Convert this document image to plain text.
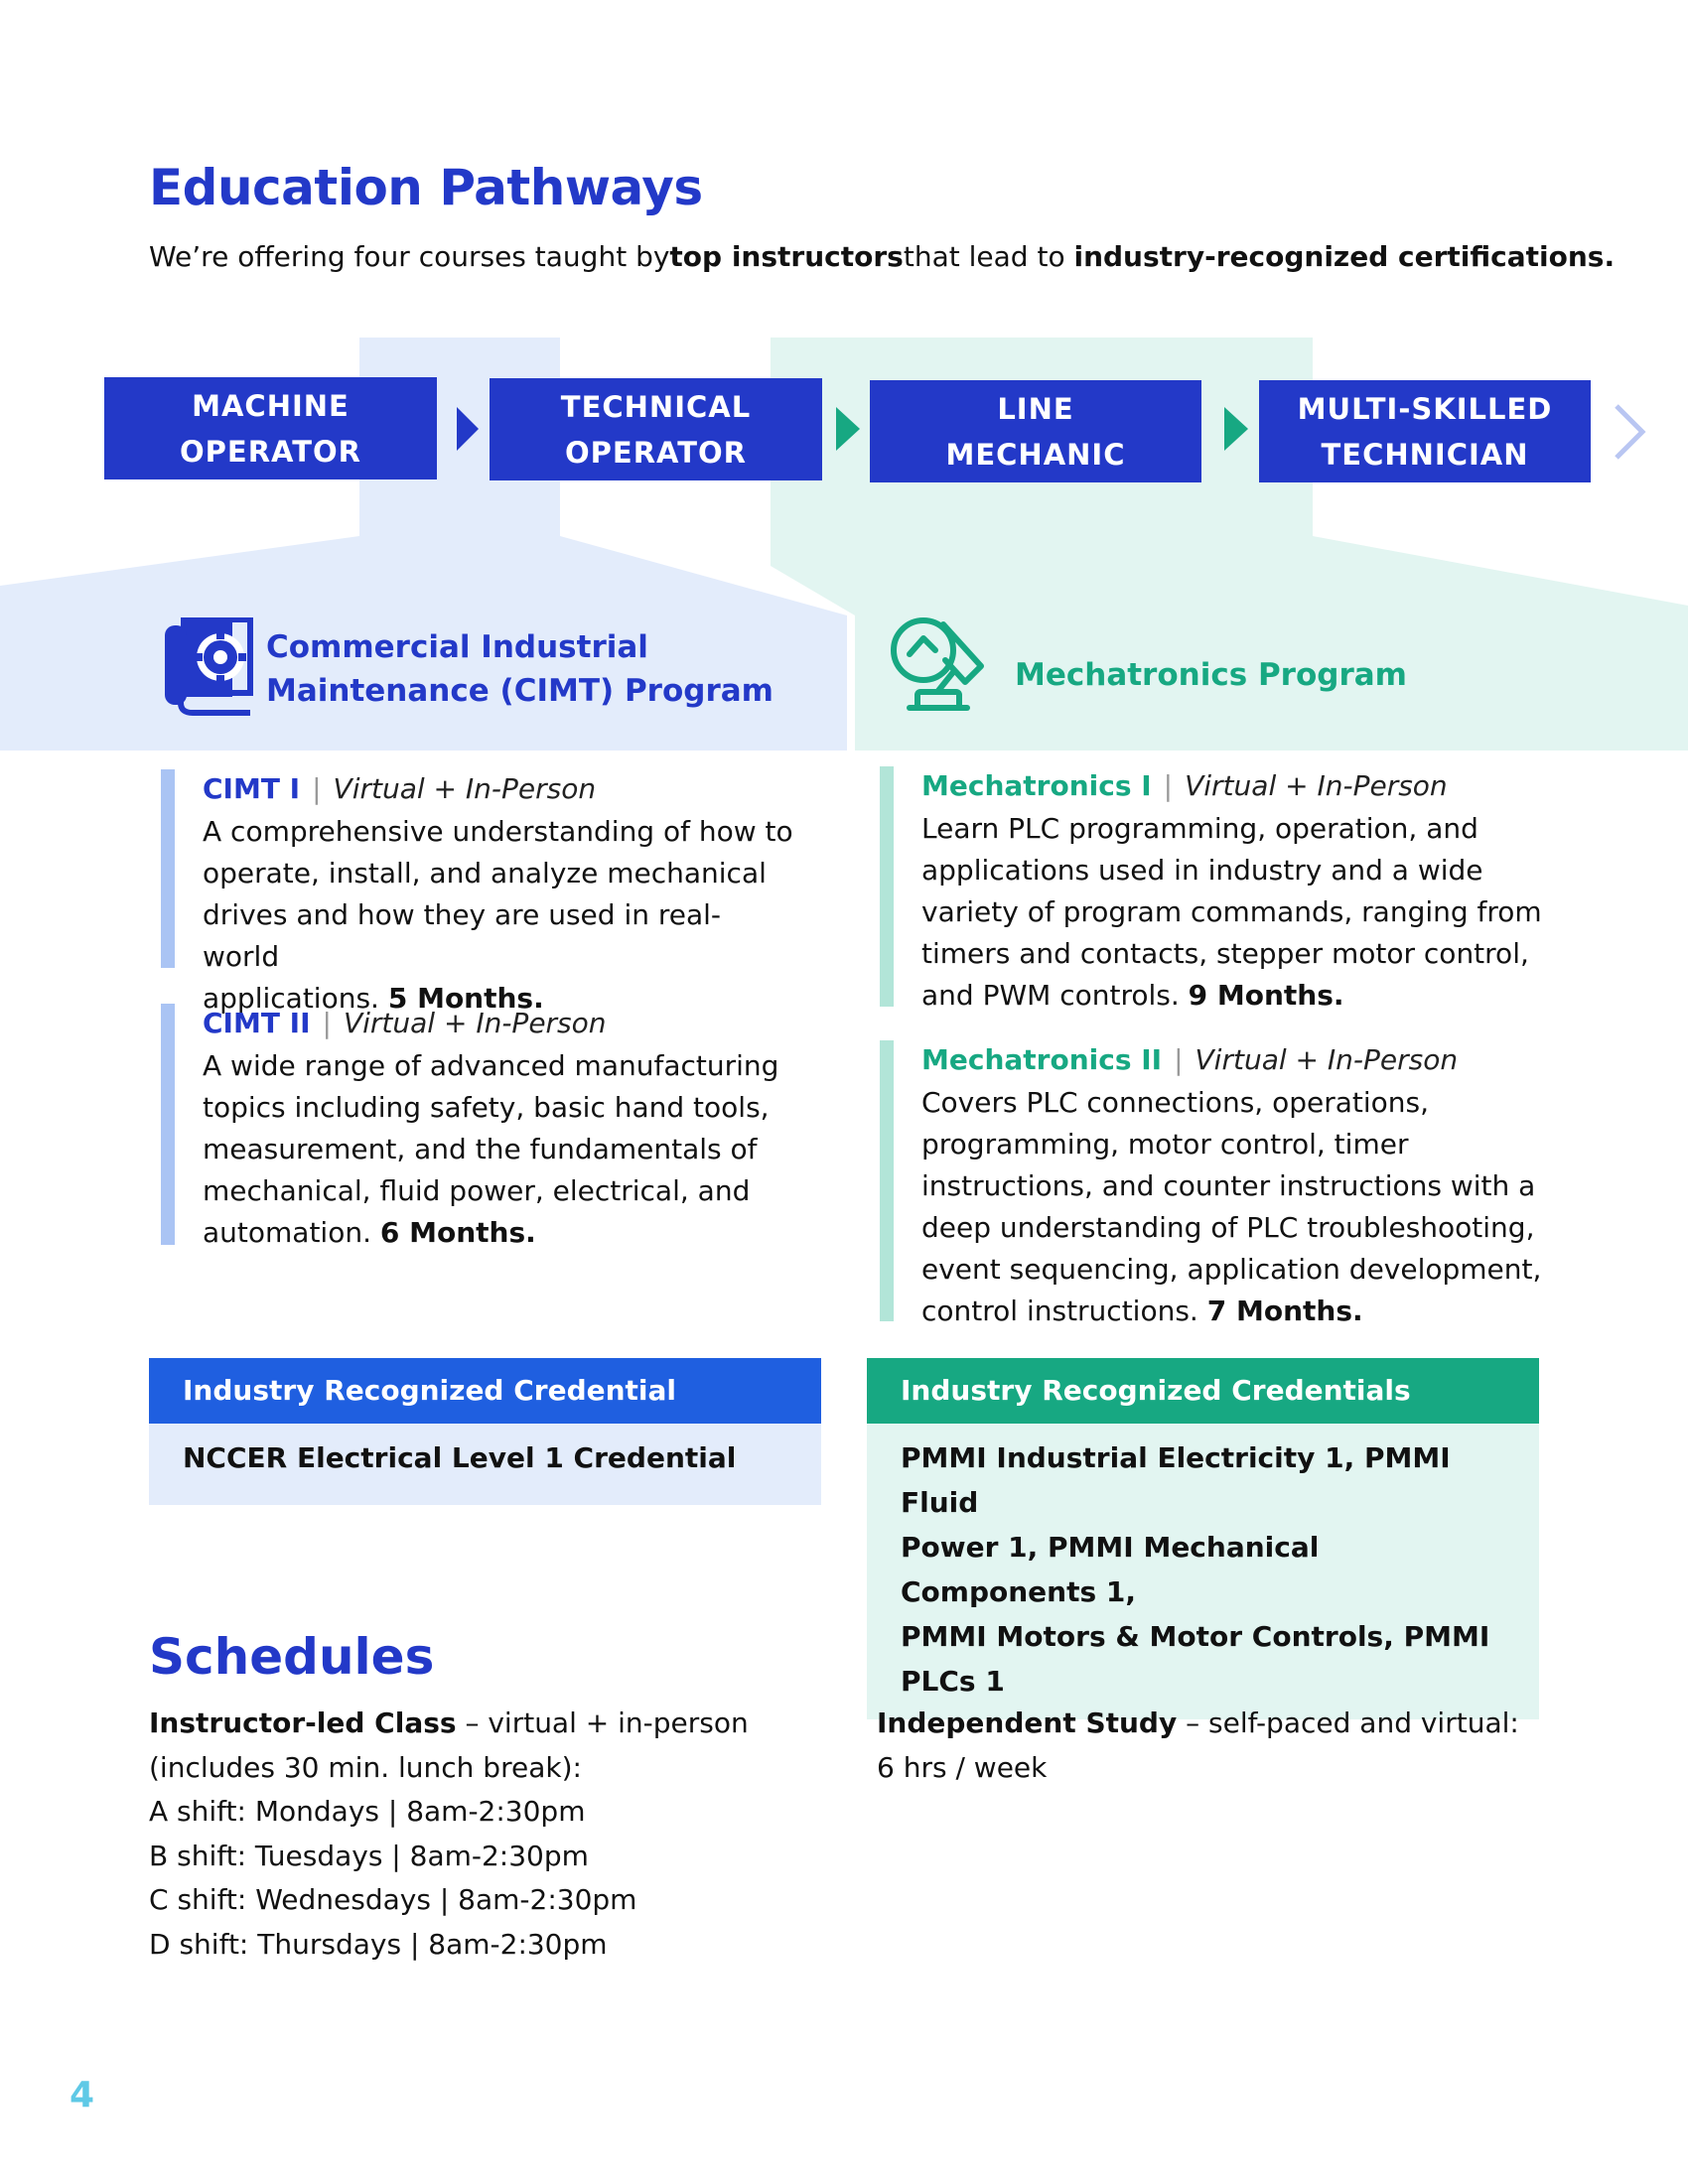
Education Pathways
We’re offering four courses taught bytop instructorsthat lead to industry-recognized certifications.
MACHINE
OPERATOR
TECHNICAL
OPERATOR
LINE
MECHANIC
MULTI-SKILLED
TECHNICIAN
Commercial Industrial
Maintenance (CIMT) Program	Mechatronics Program
CIMT I | Virtual + In-Person
A comprehensive understanding of how to
operate, install, and analyze mechanical
drives and how they are used in real-world
applications. 5 Months.
CIMT II | Virtual + In-Person
A wide range of advanced manufacturing
topics including safety, basic hand tools,
measurement, and the fundamentals of
mechanical, fluid power, electrical, and
automation. 6 Months.
Mechatronics I | Virtual + In-Person
Learn PLC programming, operation, and
applications used in industry and a wide
variety of program commands, ranging from
timers and contacts, stepper motor control,
and PWM controls. 9 Months.
Mechatronics II | Virtual + In-Person
Covers PLC connections, operations,
programming, motor control, timer
instructions, and counter instructions with a
deep understanding of PLC troubleshooting,
event sequencing, application development,
control instructions. 7 Months.
Industry Recognized Credential
NCCER Electrical Level 1 Credential
Industry Recognized Credentials
PMMI Industrial Electricity 1, PMMI Fluid
Power 1, PMMI Mechanical Components 1,
PMMI Motors & Motor Controls, PMMI PLCs 1
Schedules
Instructor-led Class – virtual + in-person
(includes 30 min. lunch break):
A shift: Mondays | 8am-2:30pm
B shift: Tuesdays | 8am-2:30pm
C shift: Wednesdays | 8am-2:30pm
D shift: Thursdays | 8am-2:30pm
Independent Study – self-paced and virtual:
6 hrs / week
4
